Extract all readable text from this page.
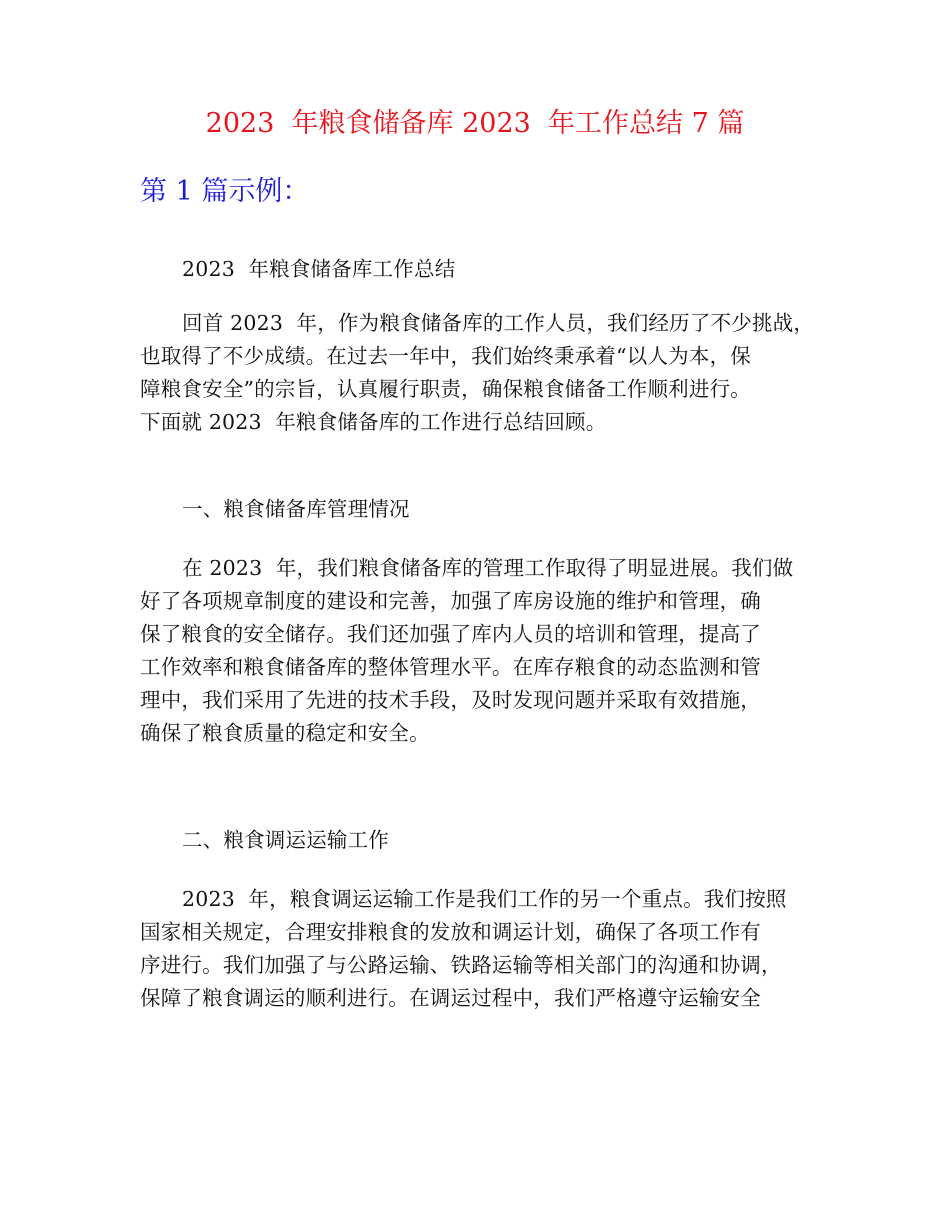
2023  年粮食储备库 2023  年工作总结 7 篇
第 1 篇示例：
2023  年粮食储备库工作总结
回首 2023  年，作为粮食储备库的工作人员，我们经历了不少挑战，
也取得了不少成绩。在过去一年中，我们始终秉承着“以人为本，保
障粮食安全”的宗旨，认真履行职责，确保粮食储备工作顺利进行。
下面就 2023  年粮食储备库的工作进行总结回顾。
一、粮食储备库管理情况
在 2023  年，我们粮食储备库的管理工作取得了明显进展。我们做
好了各项规章制度的建设和完善，加强了库房设施的维护和管理，确
保了粮食的安全储存。我们还加强了库内人员的培训和管理，提高了
工作效率和粮食储备库的整体管理水平。在库存粮食的动态监测和管
理中，我们采用了先进的技术手段，及时发现问题并采取有效措施，
确保了粮食质量的稳定和安全。
二、粮食调运运输工作
2023  年，粮食调运运输工作是我们工作的另一个重点。我们按照
国家相关规定，合理安排粮食的发放和调运计划，确保了各项工作有
序进行。我们加强了与公路运输、铁路运输等相关部门的沟通和协调，
保障了粮食调运的顺利进行。在调运过程中，我们严格遵守运输安全
